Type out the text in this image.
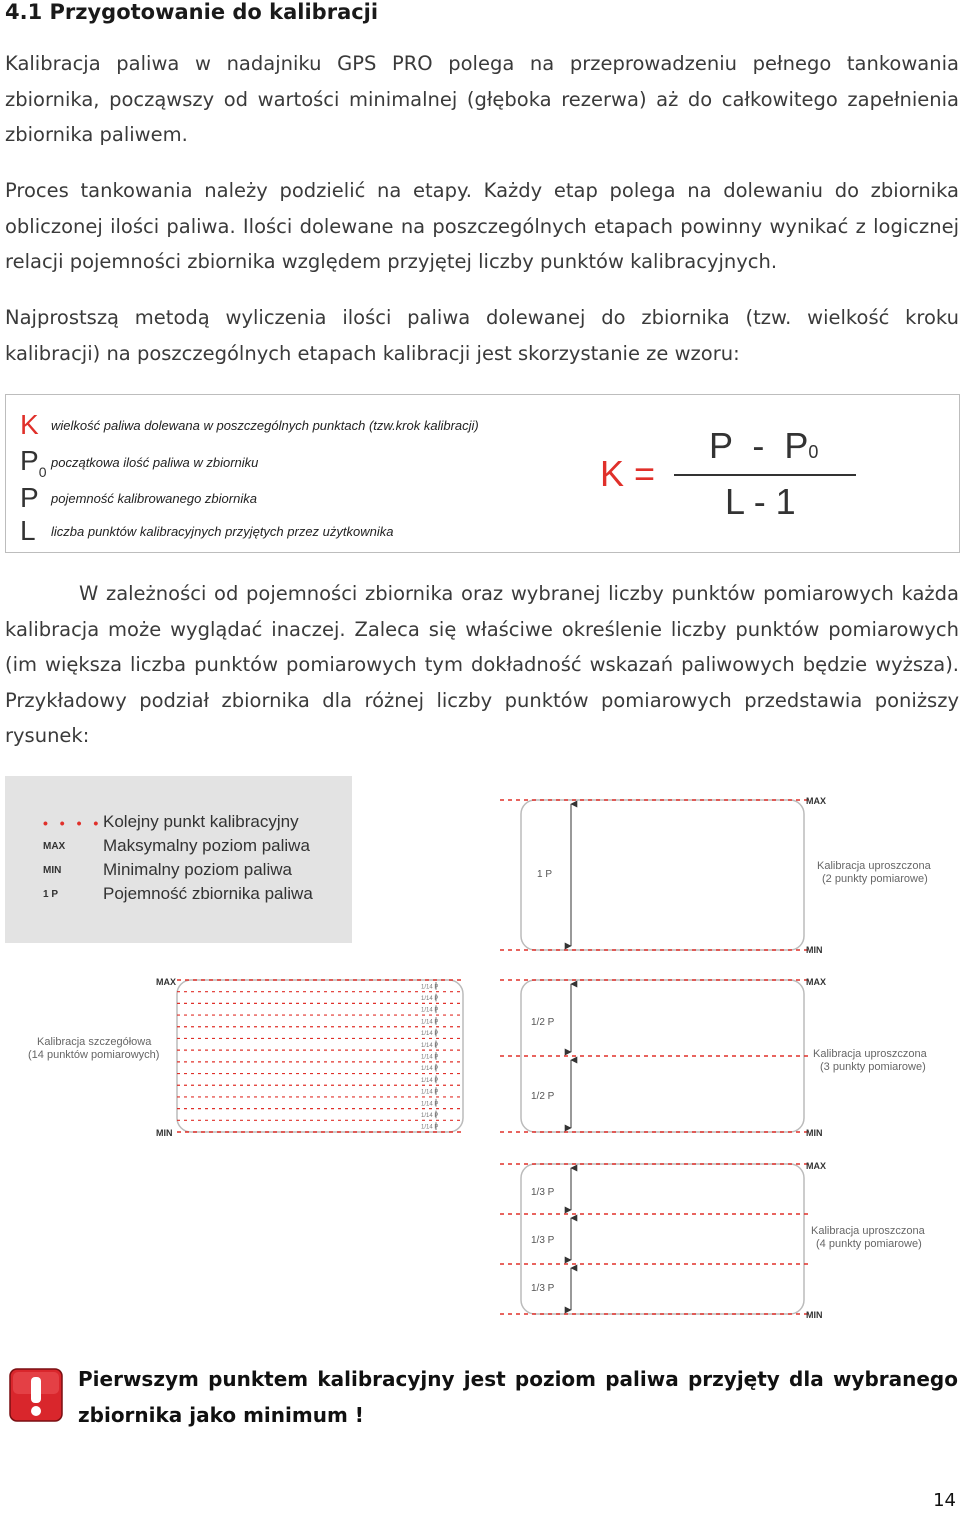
4.1 Przygotowanie do kalibracji

Kalibracja paliwa w nadajniku GPS PRO polega na przeprowadzeniu pełnego tankowania zbiornika, począwszy od wartości minimalnej (głęboka rezerwa) aż do całkowitego zapełnienia zbiornika paliwem.

Proces tankowania należy podzielić na etapy. Każdy etap polega na dolewaniu do zbiornika obliczonej ilości paliwa. Ilości dolewane na poszczególnych etapach powinny wynikać z logicznej relacji pojemności zbiornika względem przyjętej liczby punktów kalibracyjnych.

Najprostszą metodą wyliczenia ilości paliwa dolewanej do zbiornika (tzw. wielkość kroku kalibracji) na poszczególnych etapach kalibracji jest skorzystanie ze wzoru:

K wielkość paliwa dolewana w poszczególnych punktach (tzw.krok kalibracji)
$P_0$
początkowa ilość paliwa w zbiorniku
P pojemność kalibrowanego zbiornika
L liczba punktów kalibracyjnych przyjętych przez użytkownika
K =
P  -  P0
L - 1

W zależności od pojemności zbiornika oraz wybranej liczby punktów pomiarowych każda kalibracja może wyglądać inaczej. Zaleca się właściwe określenie liczby punktów pomiarowych (im większa liczba punktów pomiarowych tym dokładność wskazań paliwowych będzie wyższa). Przykładowy podział zbiornika dla różnej liczby punktów pomiarowych przedstawia poniższy rysunek:

• • • •Kolejny punkt kalibracyjny
MAX Maksymalny poziom paliwa
MIN Minimalny poziom paliwa
1 P	Pojemność zbiornika paliwa
MAX
MIN
1 P
Kalibracja uproszczona
(2 punkty pomiarowe)
1/14 P
1/14 P
1/14 P
1/14 P
1/14 P
1/14 P
1/14 P
1/14 P
1/14 P
1/14 P
1/14 P
1/14 P
1/14 P
MAX
MIN
Kalibracja szczegółowa
(14 punktów pomiarowych)
MAX
MIN
1/2 P
1/2 P
Kalibracja uproszczona
(3 punkty pomiarowe)
MAX
MIN
1/3 P
1/3 P
1/3 P
Kalibracja uproszczona
(4 punkty pomiarowe)

Pierwszym punktem kalibracyjny jest poziom paliwa przyjęty dla wybranego zbiornika jako minimum !

14
